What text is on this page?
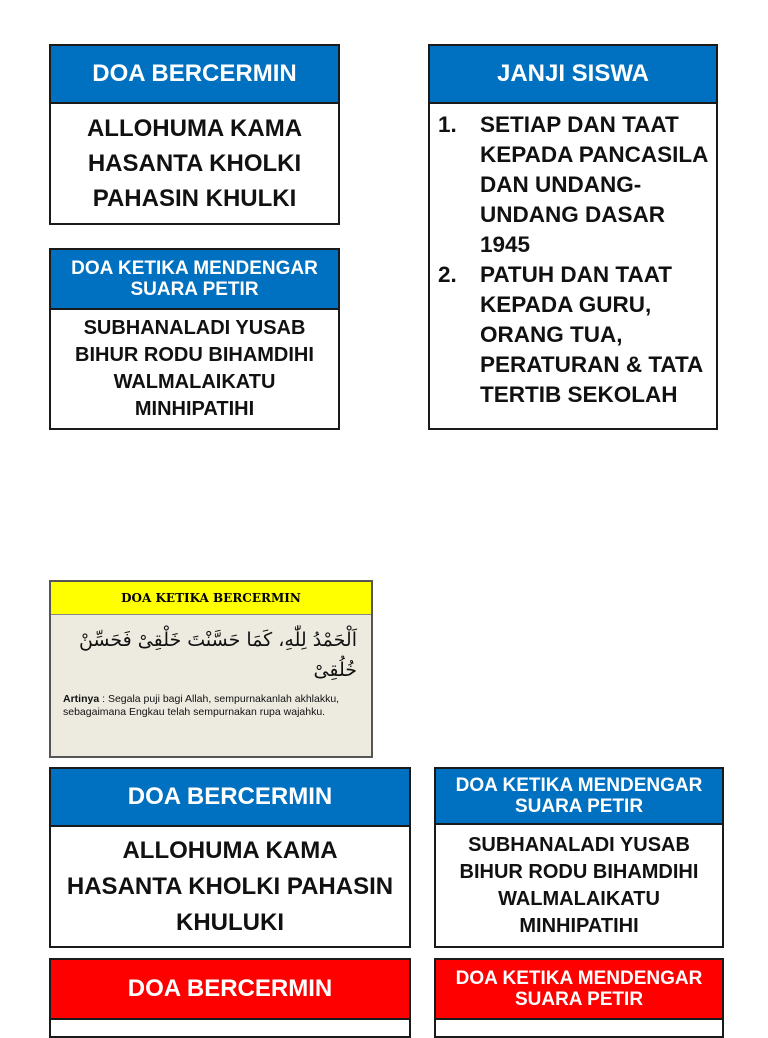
DOA BERCERMIN
ALLOHUMA KAMA HASANTA KHOLKI PAHASIN KHULKI
DOA KETIKA MENDENGAR SUARA PETIR
SUBHANALADI YUSAB BIHUR RODU BIHAMDIHI WALMALAIKATU MINHIPATIHI
JANJI SISWA
1.	SETIAP DAN TAAT KEPADA PANCASILA DAN UNDANG-UNDANG DASAR 1945
2.	PATUH DAN TAAT KEPADA GURU, ORANG TUA, PERATURAN & TATA TERTIB SEKOLAH
DOA KETIKA BERCERMIN
اَلْحَمْدُ لِلّٰهِ، كَمَا حَسَّنْتَ خَلْقِىْ فَحَسِّنْ خُلُقِىْ
Artinya : Segala puji bagi Allah, sempurnakanlah akhlakku, sebagaimana Engkau telah sempurnakan rupa wajahku.
DOA BERCERMIN
ALLOHUMA KAMA HASANTA KHOLKI PAHASIN KHULUKI
DOA KETIKA MENDENGAR SUARA PETIR
SUBHANALADI YUSAB BIHUR RODU BIHAMDIHI WALMALAIKATU MINHIPATIHI
DOA BERCERMIN	DOA KETIKA MENDENGAR SUARA PETIR
